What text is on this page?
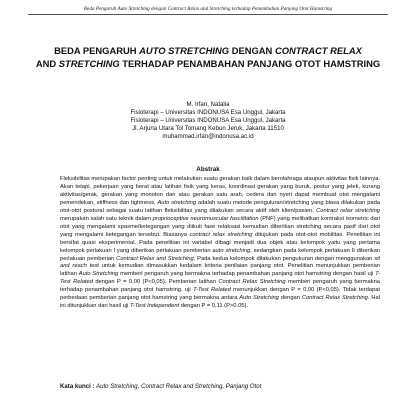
Beda Pengaruh Auto Stretching dengan Contract Relax and Stretching terhadap Penambahan Panjang Otot Hamstring
BEDA PENGARUH AUTO STRETCHING DENGAN CONTRACT RELAX
AND STRETCHING TERHADAP PENAMBAHAN PANJANG OTOT HAMSTRING
M. Irfan, Natalia
Fisioterapi – Universitas INDONUSA Esa Unggul, Jakarta
Fisioterapi – Universitas INDONUSA Esa Unggul, Jakarta
Jl. Arjuna Utara Tol Tomang Kebun Jeruk, Jakarta 11510
muhammad.irfan@indonusa.ac.id
Abstrak

Fleksibilitas merupakan factor penting untuk melakukan suatu gerakan baik dalam berolahraga ataupun aktivitas fisik lainnya. Akan tetapi, pekerjaan yang berat atau latihan fisik yang keras, koordinasi gerakan yang buruk, postur yang jelek, kurang aktivitas/gerak, gerakan yang monoton dan atau gerakan satu arah, cedera dan nyeri dapat membuat otot mengalami pemendekan, stiffness dan tightness. Auto stretching adalah suatu metode penguluran/stretching yang biasa dilakukan pada otot-otot postural sebagai suatu latihan fleksibilitas yang dilakukan secara aktif oleh klien/pasien. Contract relax stretching merupakan salah satu teknik dalam proprioceptive neuromuscular fascilitation (PNF) yang melibatkan kontraksi isometric dari otot yang mengalami spasme/ketegangan yang diikuti fase relaksasi kemudian diberikan stretching secara pasif dari otot yang mengalami ketegangan tersebut. Biasanya contract relax stretching ditujukan pada otot-otot mobilitas. Penelitian ini bersifat quasi eksperimental. Pada penelitian ini variabel dibagi menjadi dua objek atau kelompok yaitu yang pertama kelompok perlakuan I yang diberikan perlakuan pemberian auto stretching, sedangkan pada kelompok perlakuan II diberikan perlakuan pemberian Contract Relax and Stretching. Pada kedua kelompok dilakukan pengukuran dengan menggunakan sit and reach test untuk kemudian dimasukkan kedalam kriteria penilaian panjang otot. Penelitian menunjukkan pemberian latihan Auto Stretching memberi pengaruh yang bermakna terhadap penambahan panjang otot hamstring dengan hasil uji T-Test Related dengan P = 0,00 (P<0,05). Pemberian latihan Contract Relax Stretching memberi pengaruh yang bermakna terhadap penambahan panjang otot hamstring. uji T-Test Related menunjukkan dengan P = 0,00 (P<0,05). Tidak terdapat perbedaan pemberian panjang otot hamstring yang bermakna antara Auto Stretching dengan Contract Relax Stretching. Hal ini ditunjukkan dari hasil uji T-Test Independent dengan P = 0,11 (P>0.05).

Kata kunci : Auto Stretching, Contract Relax and Stretching, Panjang Otot
